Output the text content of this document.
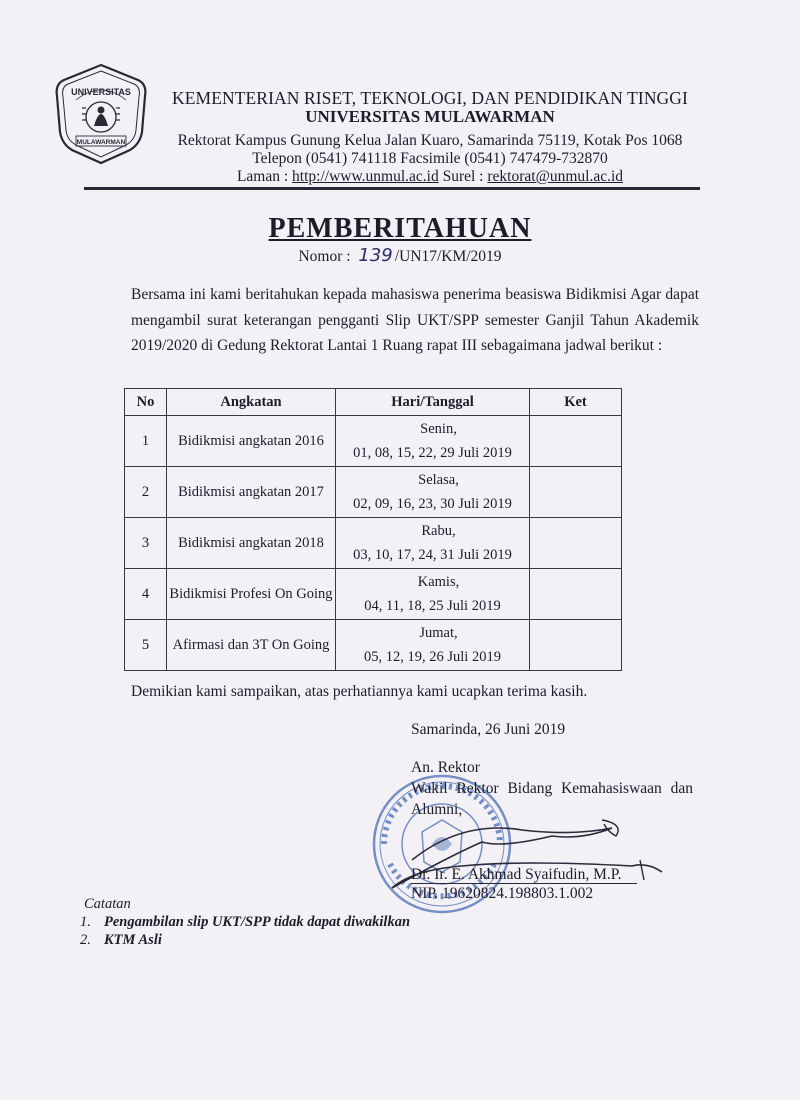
UNIVERSITAS
MULAWARMAN
KEMENTERIAN RISET, TEKNOLOGI, DAN PENDIDIKAN TINGGI
UNIVERSITAS MULAWARMAN
Rektorat Kampus Gunung Kelua Jalan Kuaro, Samarinda 75119, Kotak Pos 1068
Telepon (0541) 741118 Facsimile (0541) 747479-732870
Laman : http://www.unmul.ac.id Surel : rektorat@unmul.ac.id
PEMBERITAHUAN
Nomor : 139 /UN17/KM/2019
Bersama ini kami beritahukan kepada mahasiswa penerima beasiswa Bidikmisi Agar dapat mengambil surat keterangan pengganti Slip UKT/SPP semester Ganjil Tahun Akademik 2019/2020 di Gedung Rektorat Lantai 1 Ruang rapat III sebagaimana jadwal berikut :
No	Angkatan	Hari/Tanggal	Ket
1	Bidikmisi angkatan 2016	Senin,
01, 08, 15, 22, 29 Juli 2019	
2	Bidikmisi angkatan 2017	Selasa,
02, 09, 16, 23, 30 Juli 2019	
3	Bidikmisi angkatan 2018	Rabu,
03, 10, 17, 24, 31 Juli 2019	
4	Bidikmisi Profesi On Going	Kamis,
04, 11, 18, 25 Juli 2019	
5	Afirmasi dan 3T On Going	Jumat,
05, 12, 19, 26 Juli 2019	
Demikian kami sampaikan, atas perhatiannya kami ucapkan terima kasih.
Samarinda, 26 Juni 2019
An. Rektor
Wakil Rektor Bidang Kemahasiswaan dan
Alumni,
Dr. Ir. E. Akhmad Syaifudin, M.P.
NIP. 19620824.198803.1.002
Catatan
1. Pengambilan slip UKT/SPP tidak dapat diwakilkan
2. KTM Asli
